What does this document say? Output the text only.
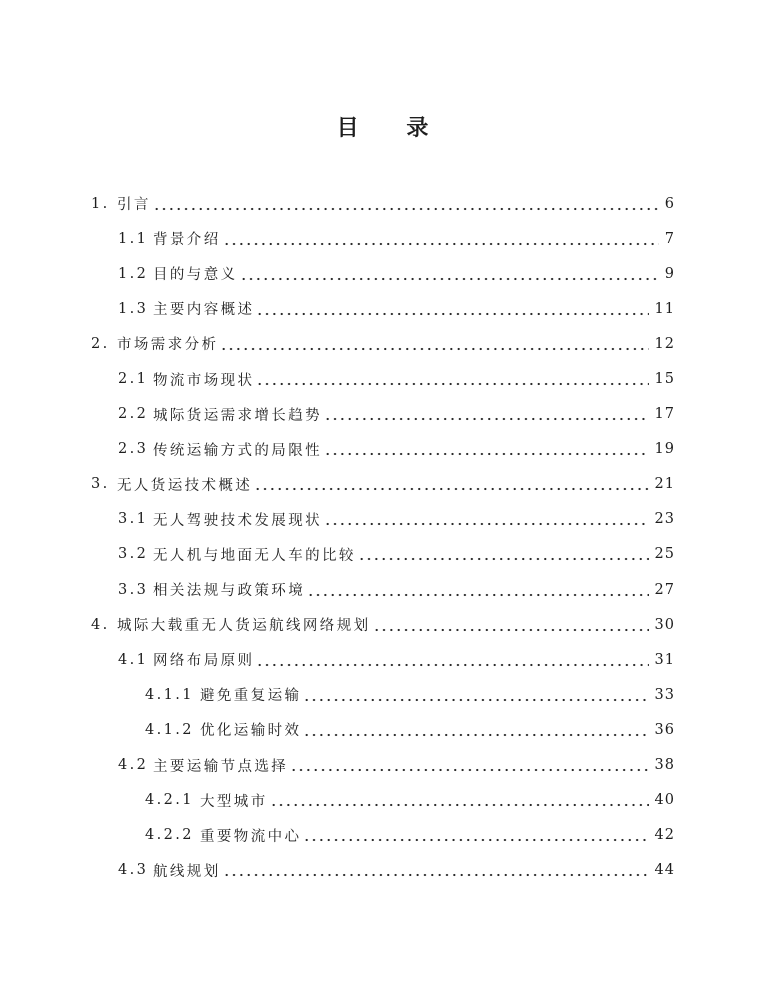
目 录
1. 引言	6
1.1 背景介绍	7
1.2 目的与意义	9
1.3 主要内容概述	11
2. 市场需求分析	12
2.1 物流市场现状	15
2.2 城际货运需求增长趋势	17
2.3 传统运输方式的局限性	19
3. 无人货运技术概述	21
3.1 无人驾驶技术发展现状	23
3.2 无人机与地面无人车的比较	25
3.3 相关法规与政策环境	27
4. 城际大载重无人货运航线网络规划	30
4.1 网络布局原则	31
4.1.1 避免重复运输	33
4.1.2 优化运输时效	36
4.2 主要运输节点选择	38
4.2.1 大型城市	40
4.2.2 重要物流中心	42
4.3 航线规划	44
